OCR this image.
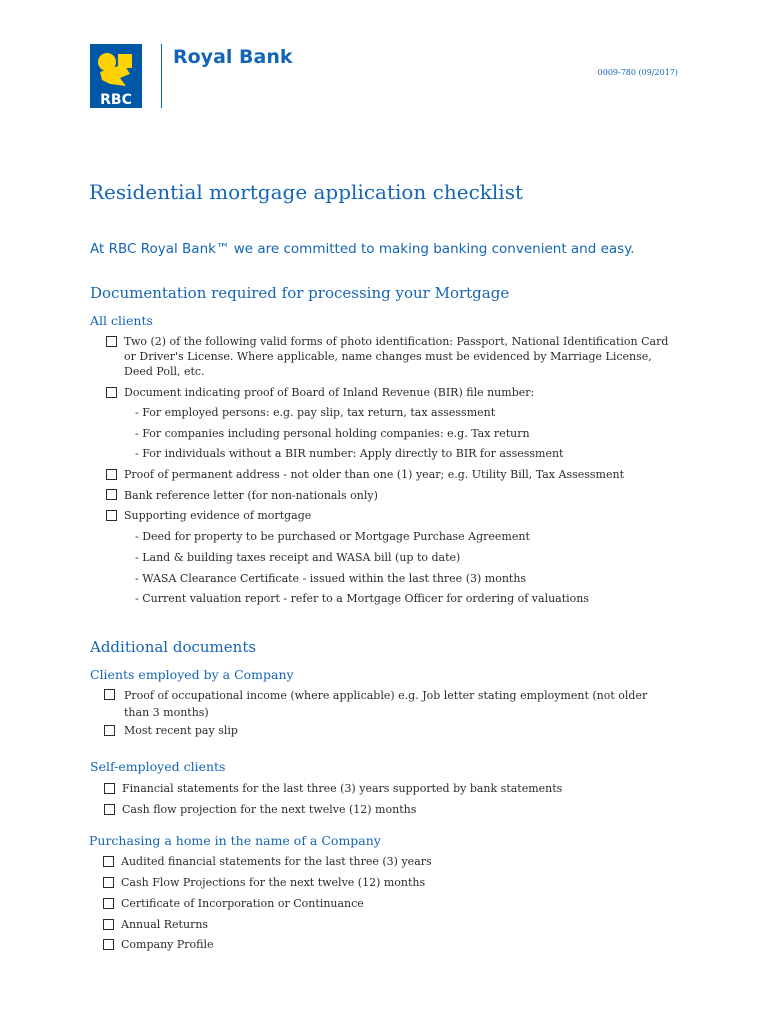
RBC
Royal Bank
0009-780 (09/2017)
Residential mortgage application checklist
At RBC Royal Bank™ we are committed to making banking convenient and easy.
Documentation required for processing your Mortgage
All clients
Two (2) of the following valid forms of photo identification: Passport, National Identification Card or Driver's License. Where applicable, name changes must be evidenced by Marriage License, Deed Poll, etc.
Document indicating proof of Board of Inland Revenue (BIR) file number:
- For employed persons: e.g. pay slip, tax return, tax assessment
- For companies including personal holding companies: e.g. Tax return
- For individuals without a BIR number: Apply directly to BIR for assessment
Proof of permanent address - not older than one (1) year; e.g. Utility Bill, Tax Assessment
Bank reference letter (for non-nationals only)
Supporting evidence of mortgage
- Deed for property to be purchased or Mortgage Purchase Agreement
- Land & building taxes receipt and WASA bill (up to date)
- WASA Clearance Certificate - issued within the last three (3) months
- Current valuation report - refer to a Mortgage Officer for ordering of valuations
Additional documents
Clients employed by a Company
Proof of occupational income (where applicable) e.g. Job letter stating employment (not older than 3 months)
Most recent pay slip
Self-employed clients
Financial statements for the last three (3) years supported by bank statements
Cash flow projection for the next twelve (12) months
Purchasing a home in the name of a Company
Audited financial statements for the last three (3) years
Cash Flow Projections for the next twelve (12) months
Certificate of Incorporation or Continuance
Annual Returns
Company Profile
